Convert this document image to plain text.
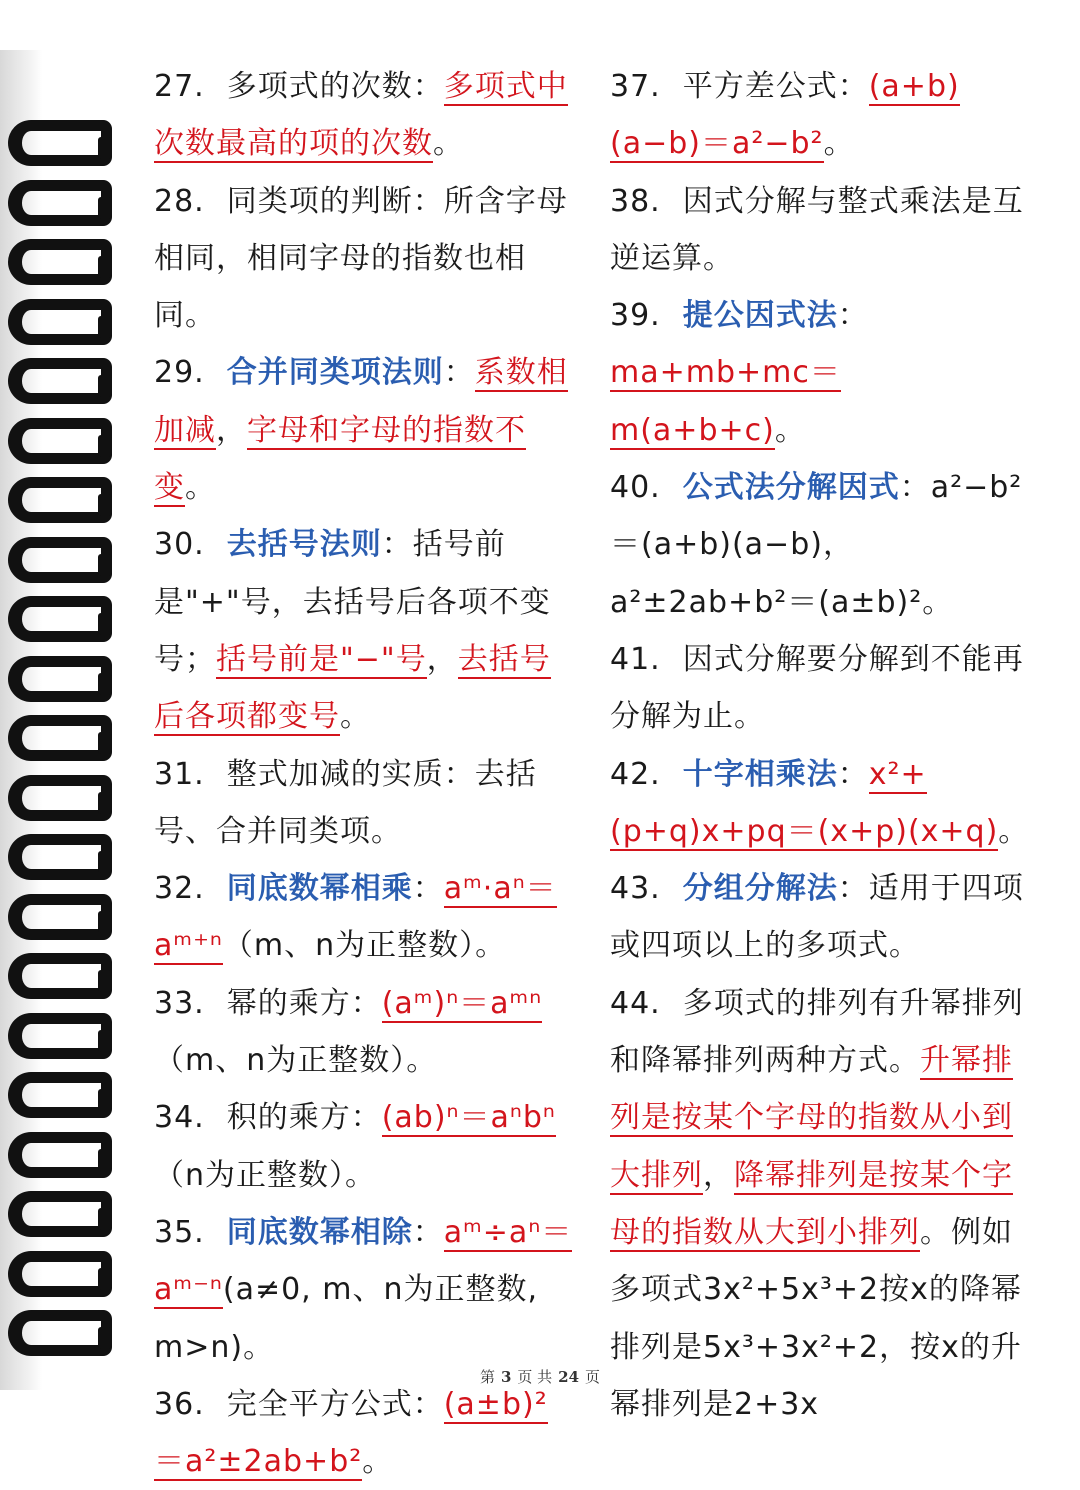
27. 多项式的次数：多项式中次数最高的项的次数。
28. 同类项的判断：所含字母相同，相同字母的指数也相同。
29. 合并同类项法则：系数相加减，字母和字母的指数不变。
30. 去括号法则：括号前是"+"号，去括号后各项不变号；括号前是"−"号，去括号后各项都变号。
31. 整式加减的实质：去括号、合并同类项。
32. 同底数幂相乘：aᵐ·aⁿ＝aᵐ⁺ⁿ（m、n为正整数）。
33. 幂的乘方：(aᵐ)ⁿ＝aᵐⁿ（m、n为正整数）。
34. 积的乘方：(ab)ⁿ＝aⁿbⁿ（n为正整数）。
35. 同底数幂相除：aᵐ÷aⁿ＝aᵐ⁻ⁿ(a≠0, m、n为正整数, m>n)。
36. 完全平方公式：(a±b)²＝a²±2ab+b²。
37. 平方差公式：(a+b)(a−b)＝a²−b²。
38. 因式分解与整式乘法是互逆运算。
39. 提公因式法：ma+mb+mc＝m(a+b+c)。
40. 公式法分解因式：a²−b²＝(a+b)(a−b)，a²±2ab+b²＝(a±b)²。
41. 因式分解要分解到不能再分解为止。
42. 十字相乘法：x²+(p+q)x+pq＝(x+p)(x+q)。
43. 分组分解法：适用于四项或四项以上的多项式。
44. 多项式的排列有升幂排列和降幂排列两种方式。升幂排列是按某个字母的指数从小到大排列，降幂排列是按某个字母的指数从大到小排列。例如多项式3x²+5x³+2按x的降幂排列是5x³+3x²+2，按x的升幂排列是2+3x
第 3 页 共 24 页
